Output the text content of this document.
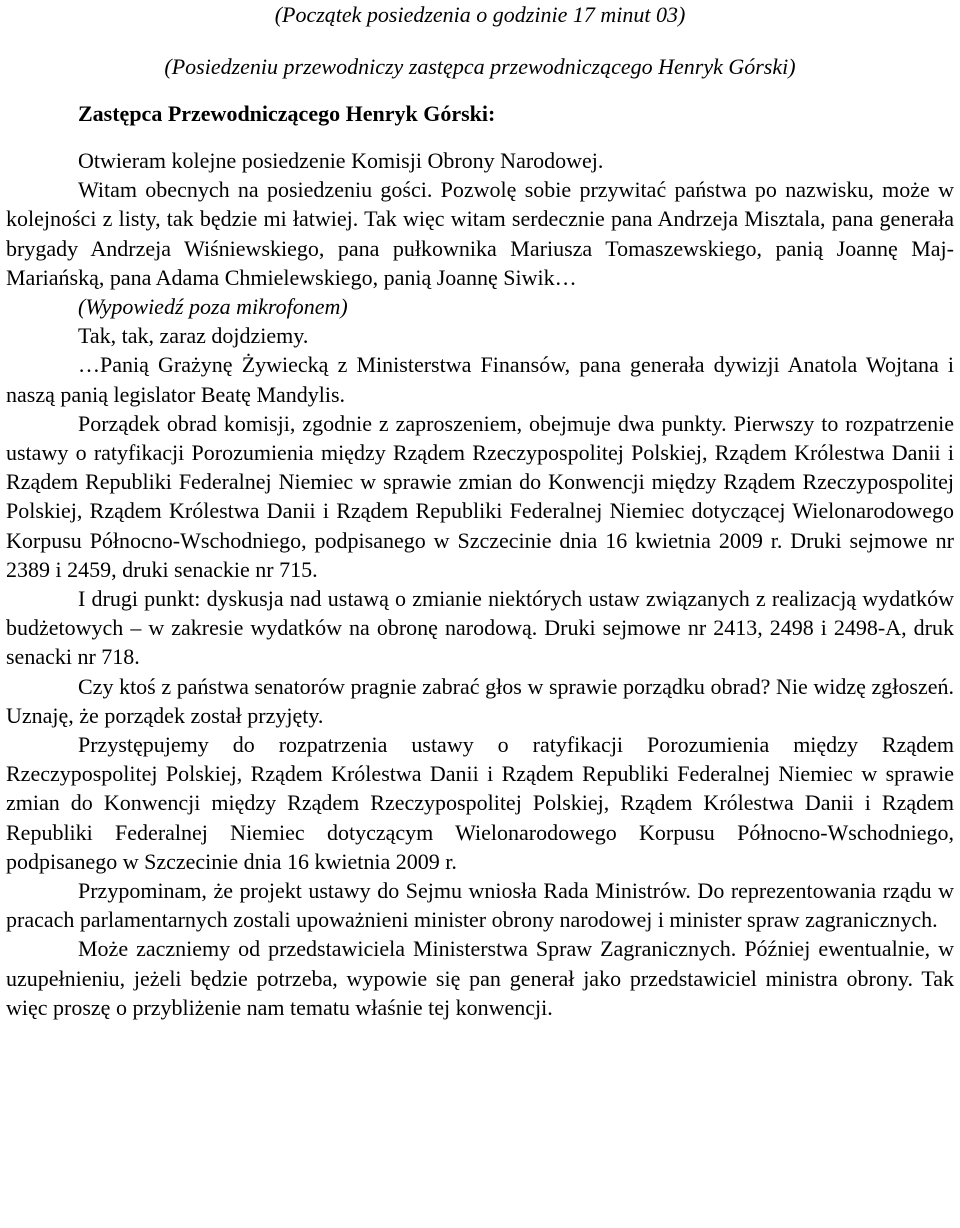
(Początek posiedzenia o godzinie 17 minut 03)

(Posiedzeniu przewodniczy zastępca przewodniczącego Henryk Górski)

Zastępca Przewodniczącego Henryk Górski:

Otwieram kolejne posiedzenie Komisji Obrony Narodowej.

Witam obecnych na posiedzeniu gości. Pozwolę sobie przywitać państwa po nazwisku, może w kolejności z listy, tak będzie mi łatwiej. Tak więc witam serdecznie pana Andrzeja Misztala, pana generała brygady Andrzeja Wiśniewskiego, pana pułkownika Mariusza Tomaszewskiego, panią Joannę Maj-Mariańską, pana Adama Chmielewskiego, panią Joannę Siwik…

(Wypowiedź poza mikrofonem)

Tak, tak, zaraz dojdziemy.

…Panią Grażynę Żywiecką z Ministerstwa Finansów, pana generała dywizji Anatola Wojtana i naszą panią legislator Beatę Mandylis.

Porządek obrad komisji, zgodnie z zaproszeniem, obejmuje dwa punkty. Pierwszy to rozpatrzenie ustawy o ratyfikacji Porozumienia między Rządem Rzeczypospolitej Polskiej, Rządem Królestwa Danii i Rządem Republiki Federalnej Niemiec w sprawie zmian do Konwencji między Rządem Rzeczypospolitej Polskiej, Rządem Królestwa Danii i Rządem Republiki Federalnej Niemiec dotyczącej Wielonarodowego Korpusu Północno-Wschodniego, podpisanego w Szczecinie dnia 16 kwietnia 2009 r. Druki sejmowe nr 2389 i 2459, druki senackie nr 715.

I drugi punkt: dyskusja nad ustawą o zmianie niektórych ustaw związanych z realizacją wydatków budżetowych – w zakresie wydatków na obronę narodową. Druki sejmowe nr 2413, 2498 i 2498-A, druk senacki nr 718.

Czy ktoś z państwa senatorów pragnie zabrać głos w sprawie porządku obrad? Nie widzę zgłoszeń. Uznaję, że porządek został przyjęty.

Przystępujemy do rozpatrzenia ustawy o ratyfikacji Porozumienia między Rządem Rzeczypospolitej Polskiej, Rządem Królestwa Danii i Rządem Republiki Federalnej Niemiec w sprawie zmian do Konwencji między Rządem Rzeczypospolitej Polskiej, Rządem Królestwa Danii i Rządem Republiki Federalnej Niemiec dotyczącym Wielonarodowego Korpusu Północno-Wschodniego, podpisanego w Szczecinie dnia 16 kwietnia 2009 r.

Przypominam, że projekt ustawy do Sejmu wniosła Rada Ministrów. Do reprezentowania rządu w pracach parlamentarnych zostali upoważnieni minister obrony narodowej i minister spraw zagranicznych.

Może zaczniemy od przedstawiciela Ministerstwa Spraw Zagranicznych. Później ewentualnie, w uzupełnieniu, jeżeli będzie potrzeba, wypowie się pan generał jako przedstawiciel ministra obrony. Tak więc proszę o przybliżenie nam tematu właśnie tej konwencji.
